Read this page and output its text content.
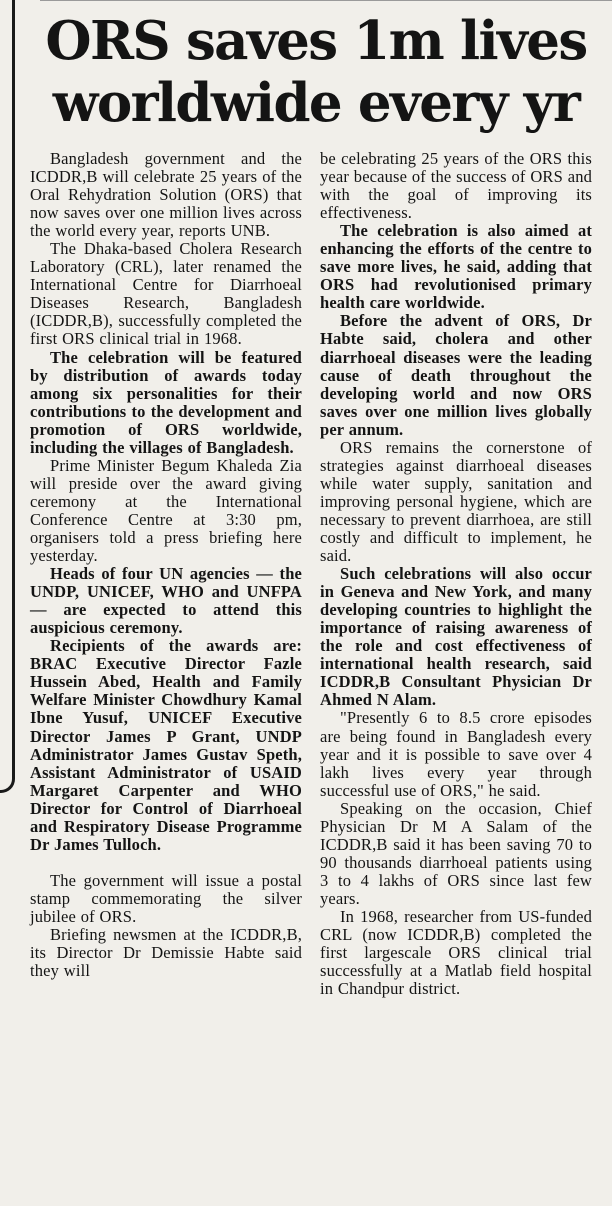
ORS saves 1m lives worldwide every yr

Bangladesh government and the ICDDR,B will celebrate 25 years of the Oral Rehydration Solution (ORS) that now saves over one million lives across the world every year, reports UNB.

The Dhaka-based Cholera Research Laboratory (CRL), later renamed the International Centre for Diarrhoeal Diseases Research, Bangladesh (ICDDR,B), successfully completed the first ORS clinical trial in 1968.

The celebration will be featured by distribution of awards today among six personalities for their contributions to the development and promotion of ORS worldwide, including the villages of Bangladesh.

Prime Minister Begum Khaleda Zia will preside over the award giving ceremony at the International Conference Centre at 3:30 pm, organisers told a press briefing here yesterday.

Heads of four UN agencies — the UNDP, UNICEF, WHO and UNFPA — are expected to attend this auspicious ceremony.

Recipients of the awards are: BRAC Executive Director Fazle Hussein Abed, Health and Family Welfare Minister Chowdhury Kamal Ibne Yusuf, UNICEF Executive Director James P Grant, UNDP Administrator James Gustav Speth, Assistant Administrator of USAID Margaret Carpenter and WHO Director for Control of Diarrhoeal and Respiratory Disease Programme Dr James Tulloch.

The government will issue a postal stamp commemorating the silver jubilee of ORS.

Briefing newsmen at the ICDDR,B, its Director Dr Demissie Habte said they will

be celebrating 25 years of the ORS this year because of the success of ORS and with the goal of improving its effectiveness.

The celebration is also aimed at enhancing the efforts of the centre to save more lives, he said, adding that ORS had revolutionised primary health care worldwide.

Before the advent of ORS, Dr Habte said, cholera and other diarrhoeal diseases were the leading cause of death throughout the developing world and now ORS saves over one million lives globally per annum.

ORS remains the cornerstone of strategies against diarrhoeal diseases while water supply, sanitation and improving personal hygiene, which are necessary to prevent diarrhoea, are still costly and difficult to implement, he said.

Such celebrations will also occur in Geneva and New York, and many developing countries to highlight the importance of raising awareness of the role and cost effectiveness of international health research, said ICDDR,B Consultant Physician Dr Ahmed N Alam.

"Presently 6 to 8.5 crore episodes are being found in Bangladesh every year and it is possible to save over 4 lakh lives every year through successful use of ORS," he said.

Speaking on the occasion, Chief Physician Dr M A Salam of the ICDDR,B said it has been saving 70 to 90 thousands diarrhoeal patients using 3 to 4 lakhs of ORS since last few years.

In 1968, researcher from US-funded CRL (now ICDDR,B) completed the first largescale ORS clinical trial successfully at a Matlab field hospital in Chandpur district.
